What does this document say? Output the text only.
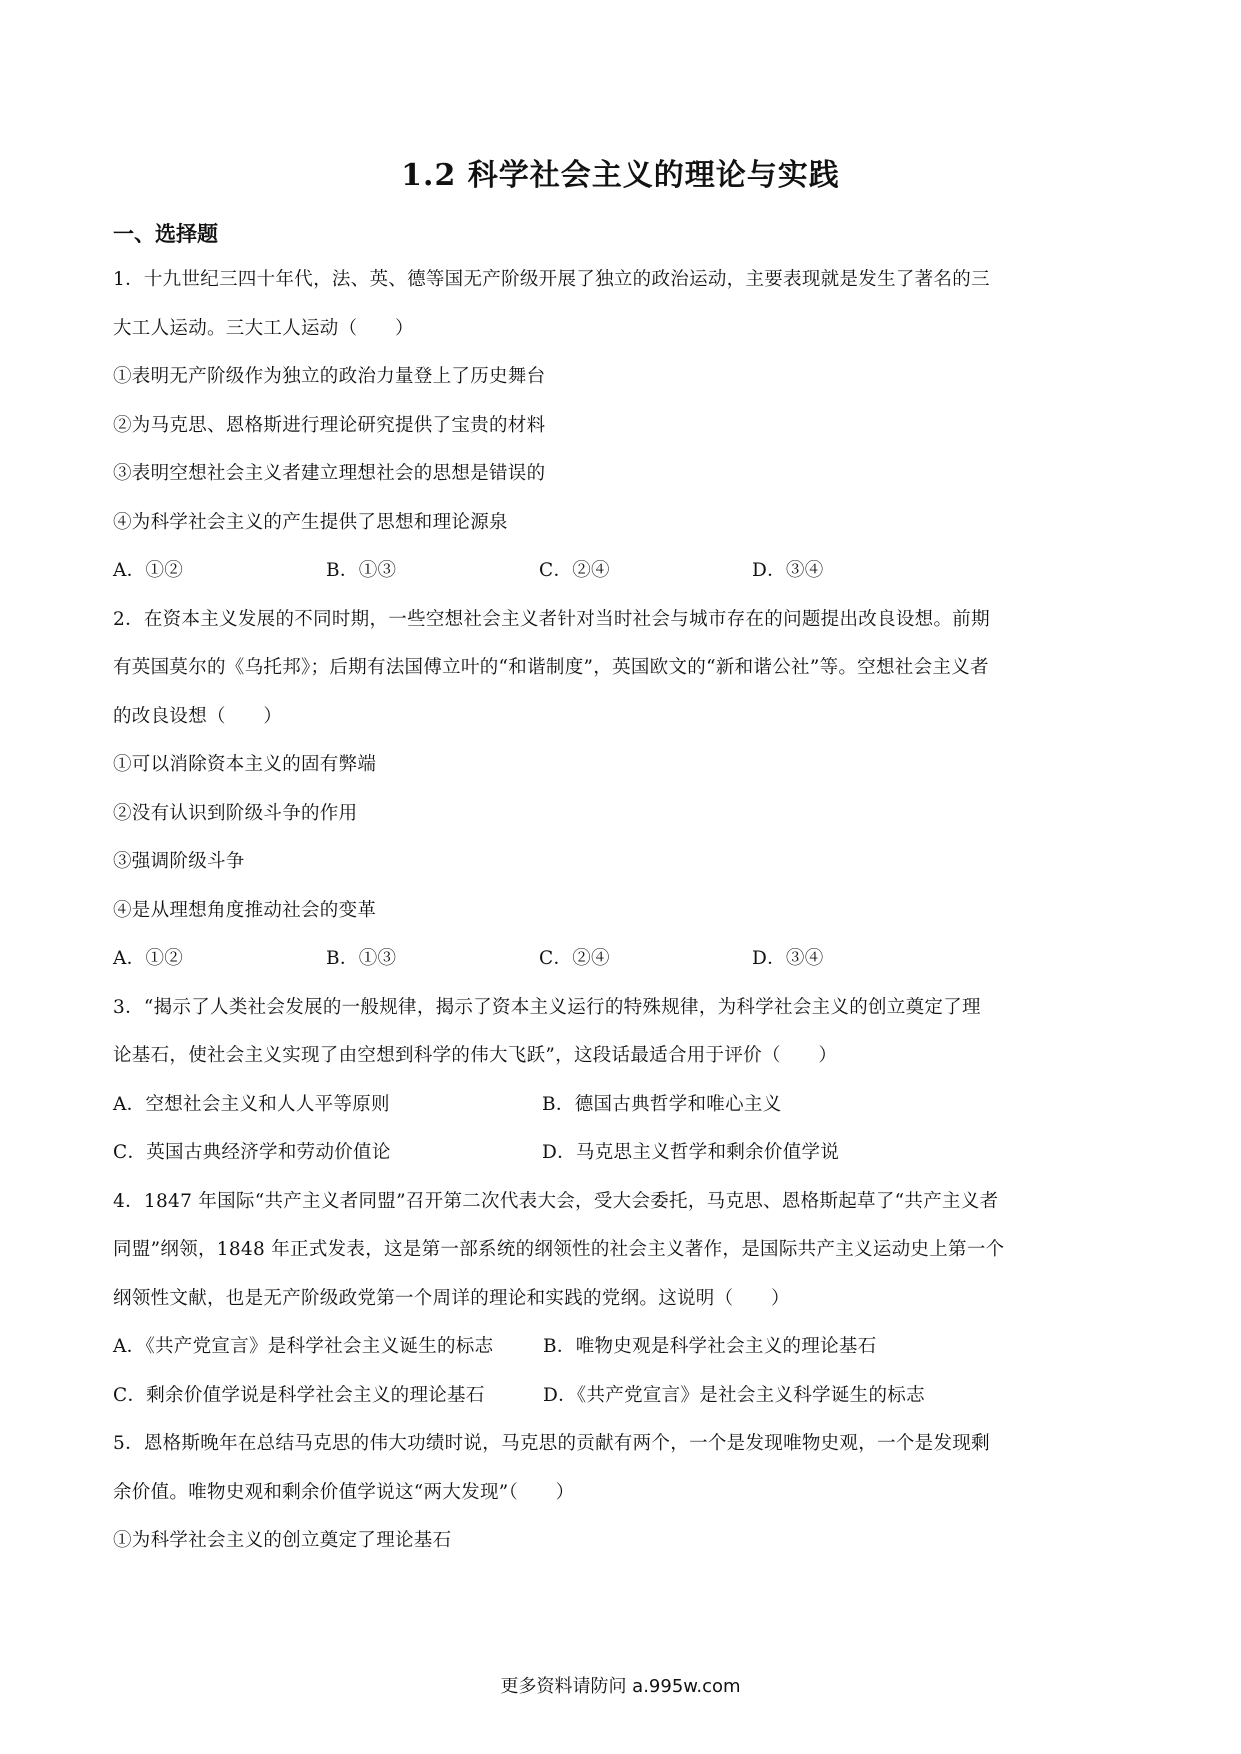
1.2 科学社会主义的理论与实践
一、选择题
1．十九世纪三四十年代，法、英、德等国无产阶级开展了独立的政治运动，主要表现就是发生了著名的三
大工人运动。三大工人运动（　　）
①表明无产阶级作为独立的政治力量登上了历史舞台
②为马克思、恩格斯进行理论研究提供了宝贵的材料
③表明空想社会主义者建立理想社会的思想是错误的
④为科学社会主义的产生提供了思想和理论源泉
A．①②	B．①③	C．②④	D．③④
2．在资本主义发展的不同时期，一些空想社会主义者针对当时社会与城市存在的问题提出改良设想。前期
有英国莫尔的《乌托邦》；后期有法国傅立叶的“和谐制度”，英国欧文的“新和谐公社”等。空想社会主义者
的改良设想（　　）
①可以消除资本主义的固有弊端
②没有认识到阶级斗争的作用
③强调阶级斗争
④是从理想角度推动社会的变革
A．①②	B．①③	C．②④	D．③④
3．“揭示了人类社会发展的一般规律，揭示了资本主义运行的特殊规律，为科学社会主义的创立奠定了理
论基石，使社会主义实现了由空想到科学的伟大飞跃”，这段话最适合用于评价（　　）
A．空想社会主义和人人平等原则	B．德国古典哲学和唯心主义
C．英国古典经济学和劳动价值论	D．马克思主义哲学和剩余价值学说
4．1847 年国际“共产主义者同盟”召开第二次代表大会，受大会委托，马克思、恩格斯起草了“共产主义者
同盟”纲领，1848 年正式发表，这是第一部系统的纲领性的社会主义著作，是国际共产主义运动史上第一个
纲领性文献，也是无产阶级政党第一个周详的理论和实践的党纲。这说明（　　）
A．《共产党宣言》是科学社会主义诞生的标志	B．唯物史观是科学社会主义的理论基石
C．剩余价值学说是科学社会主义的理论基石	D．《共产党宣言》是社会主义科学诞生的标志
5．恩格斯晚年在总结马克思的伟大功绩时说，马克思的贡献有两个，一个是发现唯物史观，一个是发现剩
余价值。唯物史观和剩余价值学说这“两大发现”（　　）
①为科学社会主义的创立奠定了理论基石
更多资料请防问 a.995w.com
